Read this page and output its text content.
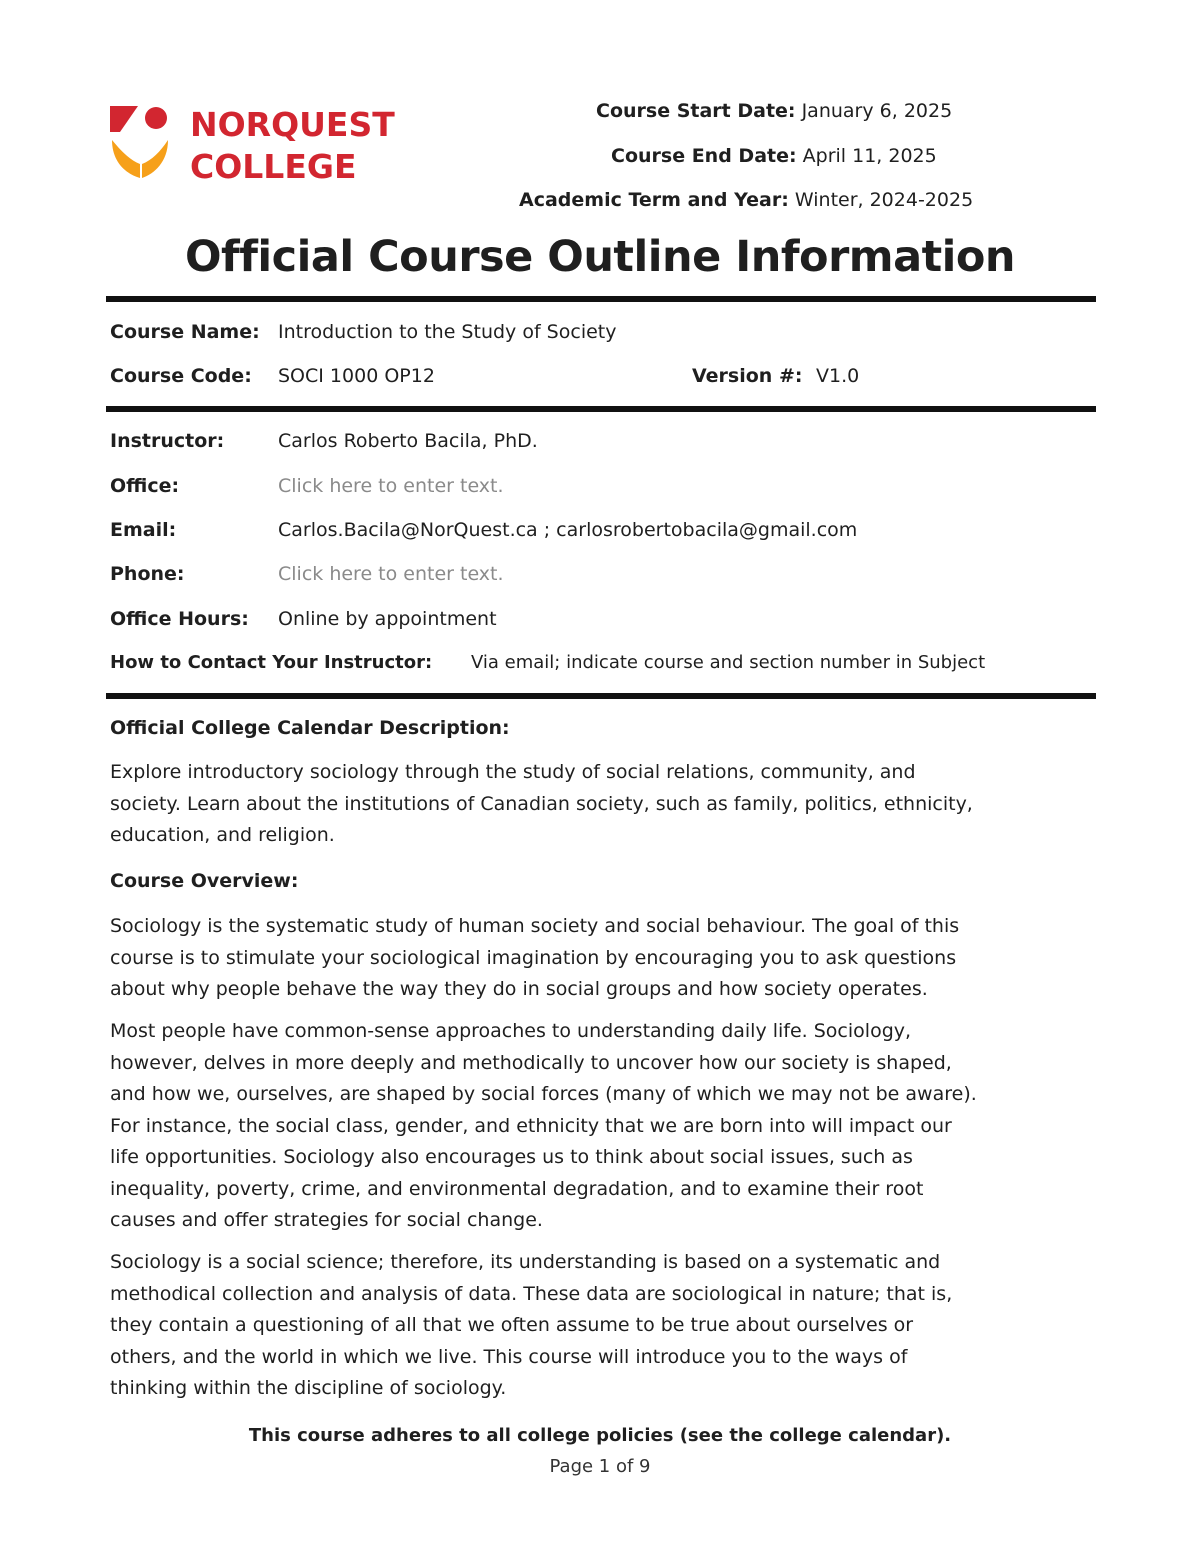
NORQUEST
COLLEGE
Course Start Date: January 6, 2025
Course End Date: April 11, 2025
Academic Term and Year: Winter, 2024-2025
Official Course Outline Information
Course Name: Introduction to the Study of Society
Course Code: SOCI 1000 OP12	Version #: V1.0
Instructor:	Carlos Roberto Bacila, PhD.
Office:	Click here to enter text.
Email:	Carlos.Bacila@NorQuest.ca ; carlosrobertobacila@gmail.com
Phone:	Click here to enter text.
Office Hours: Online by appointment
How to Contact Your Instructor: Via email; indicate course and section number in Subject
Official College Calendar Description:
Explore introductory sociology through the study of social relations, community, and
society. Learn about the institutions of Canadian society, such as family, politics, ethnicity,
education, and religion.
Course Overview:
Sociology is the systematic study of human society and social behaviour. The goal of this
course is to stimulate your sociological imagination by encouraging you to ask questions
about why people behave the way they do in social groups and how society operates.
Most people have common-sense approaches to understanding daily life. Sociology,
however, delves in more deeply and methodically to uncover how our society is shaped,
and how we, ourselves, are shaped by social forces (many of which we may not be aware).
For instance, the social class, gender, and ethnicity that we are born into will impact our
life opportunities. Sociology also encourages us to think about social issues, such as
inequality, poverty, crime, and environmental degradation, and to examine their root
causes and offer strategies for social change.
Sociology is a social science; therefore, its understanding is based on a systematic and
methodical collection and analysis of data. These data are sociological in nature; that is,
they contain a questioning of all that we often assume to be true about ourselves or
others, and the world in which we live. This course will introduce you to the ways of
thinking within the discipline of sociology.
This course adheres to all college policies (see the college calendar).
Page 1 of 9
